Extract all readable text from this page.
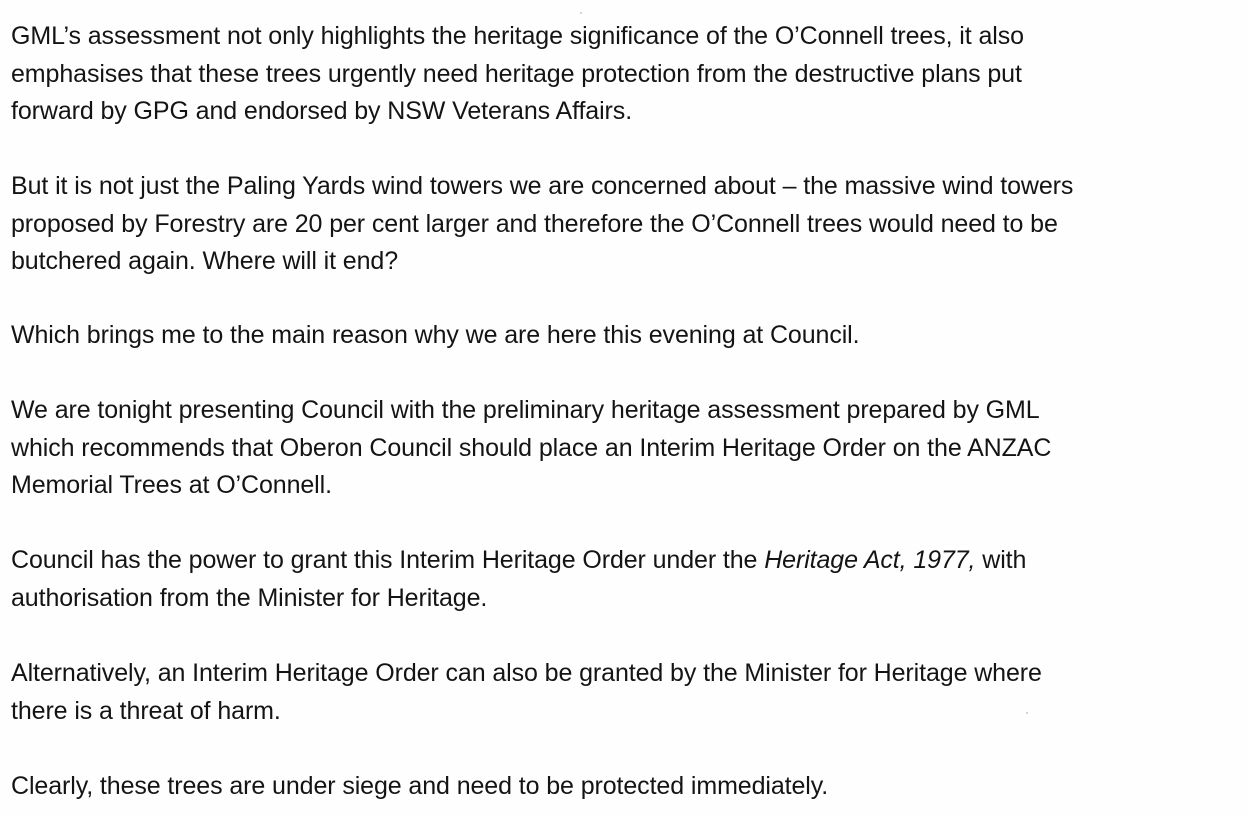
GML’s assessment not only highlights the heritage significance of the O’Connell trees, it also
emphasises that these trees urgently need heritage protection from the destructive plans put
forward by GPG and endorsed by NSW Veterans Affairs.

But it is not just the Paling Yards wind towers we are concerned about – the massive wind towers
proposed by Forestry are 20 per cent larger and therefore the O’Connell trees would need to be
butchered again. Where will it end?

Which brings me to the main reason why we are here this evening at Council.

We are tonight presenting Council with the preliminary heritage assessment prepared by GML
which recommends that Oberon Council should place an Interim Heritage Order on the ANZAC
Memorial Trees at O’Connell.

Council has the power to grant this Interim Heritage Order under the Heritage Act, 1977, with
authorisation from the Minister for Heritage.

Alternatively, an Interim Heritage Order can also be granted by the Minister for Heritage where
there is a threat of harm.

Clearly, these trees are under siege and need to be protected immediately.
